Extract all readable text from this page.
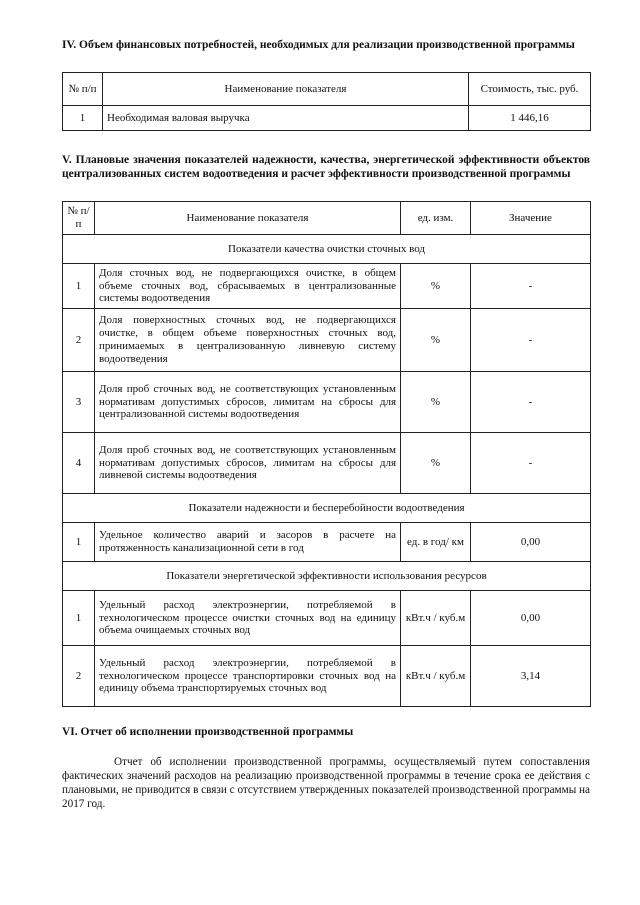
IV. Объем финансовых потребностей, необходимых для реализации производственной программы
№ п/п	Наименование показателя	Стоимость, тыс. руб.
1	Необходимая валовая выручка	1 446,16
V. Плановые значения показателей надежности, качества, энергетической эффективности объектов централизованных систем водоотведения и расчет эффективности производственной программы
№ п/п	Наименование показателя	ед. изм.	Значение
Показатели качества очистки сточных вод			
1	Доля сточных вод, не подвергающихся очистке, в общем объеме сточных вод, сбрасываемых в централизованные системы водоотведения	%	-
2	Доля поверхностных сточных вод, не подвергающихся очистке, в общем объеме поверхностных сточных вод, принимаемых в централизованную ливневую систему водоотведения	%	-
3	Доля проб сточных вод, не соответствующих установленным нормативам допустимых сбросов, лимитам на сбросы для централизованной системы водоотведения	%	-
4	Доля проб сточных вод, не соответствующих установленным нормативам допустимых сбросов, лимитам на сбросы для ливневой системы водоотведения	%	-
Показатели надежности и бесперебойности водоотведения			
1	Удельное количество аварий и засоров в расчете на протяженность канализационной сети в год	ед. в год/ км	0,00
Показатели энергетической эффективности использования ресурсов			
1	Удельный расход электроэнергии, потребляемой в технологическом процессе очистки сточных вод на единицу объема очищаемых сточных вод	кВт.ч / куб.м	0,00
2	Удельный расход электроэнергии, потребляемой в технологическом процессе транспортировки сточных вод на единицу объема транспортируемых сточных вод	кВт.ч / куб.м	3,14
VI. Отчет об исполнении производственной программы

Отчет об исполнении производственной программы, осуществляемый путем сопоставления фактических значений расходов на реализацию производственной программы в течение срока ее действия с плановыми, не приводится в связи с отсутствием утвержденных показателей производственной программы на 2017 год.
